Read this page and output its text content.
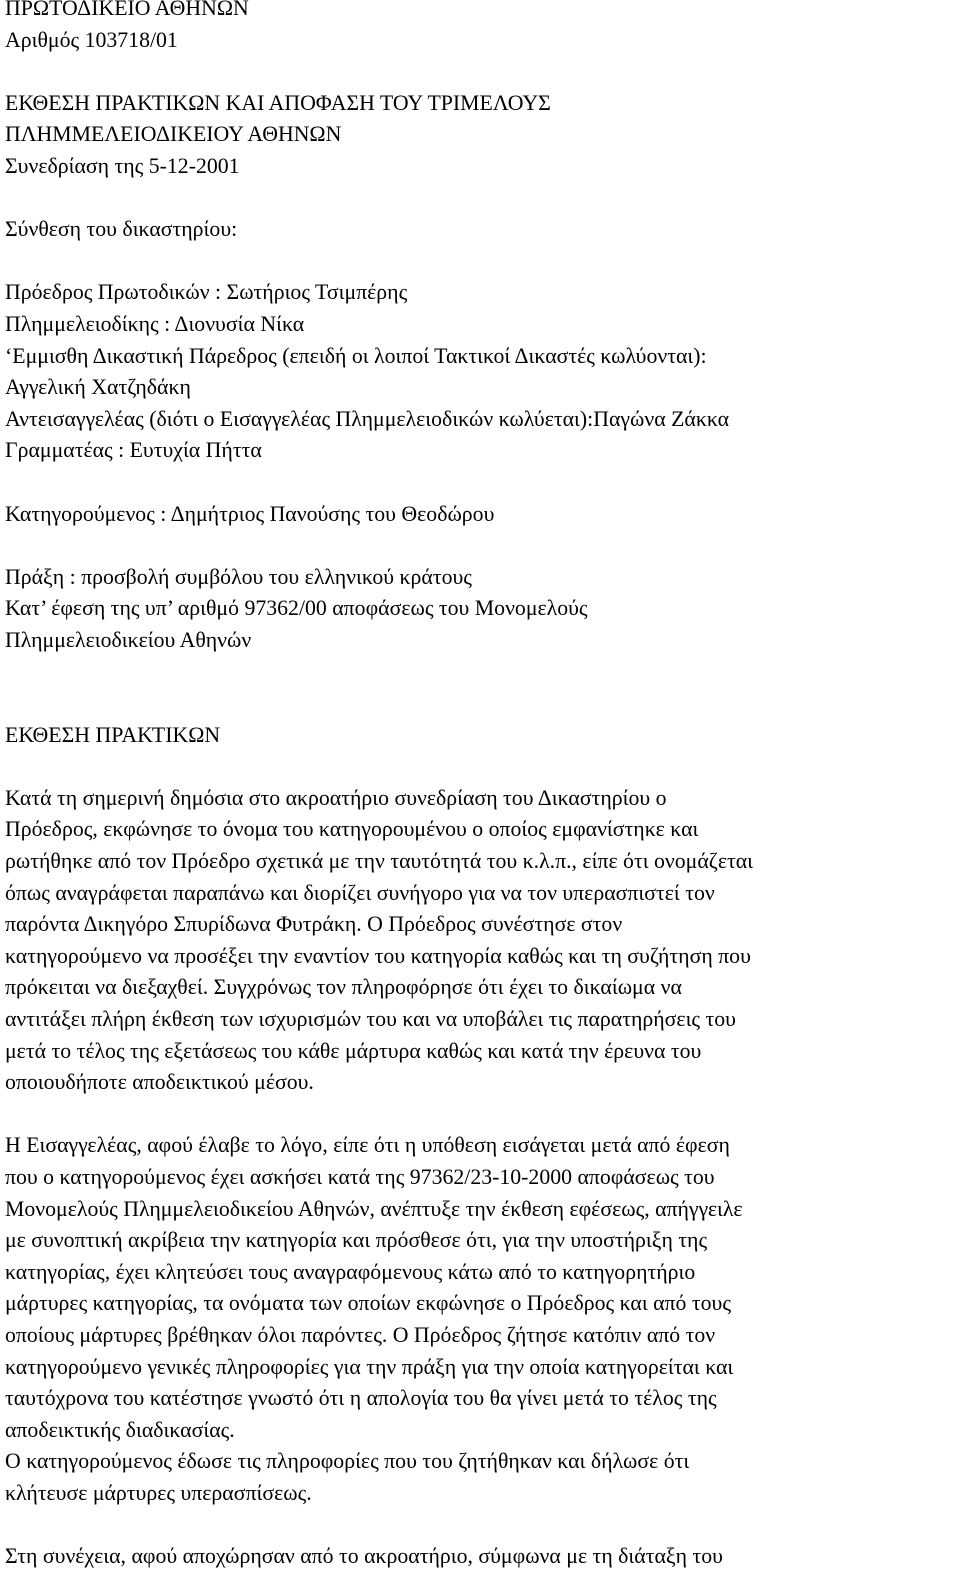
ΠΡΩΤΟΔΙΚΕΙΟ ΑΘΗΝΩΝ
Αριθμός 103718/01
ΕΚΘΕΣΗ ΠΡΑΚΤΙΚΩΝ ΚΑΙ ΑΠΟΦΑΣΗ ΤΟΥ ΤΡΙΜΕΛΟΥΣ
ΠΛΗΜΜΕΛΕΙΟΔΙΚΕΙΟΥ ΑΘΗΝΩΝ
Συνεδρίαση της 5-12-2001
Σύνθεση του δικαστηρίου:
Πρόεδρος Πρωτοδικών : Σωτήριος Τσιμπέρης
Πλημμελειοδίκης : Διονυσία Νίκα
‘Εμμισθη Δικαστική Πάρεδρος (επειδή οι λοιποί Τακτικοί Δικαστές κωλύονται):
Αγγελική Χατζηδάκη
Αντεισαγγελέας (διότι ο Εισαγγελέας Πλημμελειοδικών κωλύεται):Παγώνα Ζάκκα
Γραμματέας : Ευτυχία Πήττα
Κατηγορούμενος : Δημήτριος Πανούσης του Θεοδώρου
Πράξη : προσβολή συμβόλου του ελληνικού κράτους
Κατ’ έφεση της υπ’ αριθμό 97362/00 αποφάσεως του Μονομελούς
Πλημμελειοδικείου Αθηνών
ΕΚΘΕΣΗ ΠΡΑΚΤΙΚΩΝ
Κατά τη σημερινή δημόσια στο ακροατήριο συνεδρίαση του Δικαστηρίου ο
Πρόεδρος, εκφώνησε το όνομα του κατηγορουμένου ο οποίος εμφανίστηκε και
ρωτήθηκε από τον Πρόεδρο σχετικά με την ταυτότητά του κ.λ.π., είπε ότι ονομάζεται
όπως αναγράφεται παραπάνω και διορίζει συνήγορο για να τον υπερασπιστεί τον
παρόντα Δικηγόρο Σπυρίδωνα Φυτράκη. Ο Πρόεδρος συνέστησε στον
κατηγορούμενο να προσέξει την εναντίον του κατηγορία καθώς και τη συζήτηση που
πρόκειται να διεξαχθεί. Συγχρόνως τον πληροφόρησε ότι έχει το δικαίωμα να
αντιτάξει πλήρη έκθεση των ισχυρισμών του και να υποβάλει τις παρατηρήσεις του
μετά το τέλος της εξετάσεως του κάθε μάρτυρα καθώς και κατά την έρευνα του
οποιουδήποτε αποδεικτικού μέσου.
Η Εισαγγελέας, αφού έλαβε το λόγο, είπε ότι η υπόθεση εισάγεται μετά από έφεση
που ο κατηγορούμενος έχει ασκήσει κατά της 97362/23-10-2000 αποφάσεως του
Μονομελούς Πλημμελειοδικείου Αθηνών, ανέπτυξε την έκθεση εφέσεως, απήγγειλε
με συνοπτική ακρίβεια την κατηγορία και πρόσθεσε ότι, για την υποστήριξη της
κατηγορίας, έχει κλητεύσει τους αναγραφόμενους κάτω από το κατηγορητήριο
μάρτυρες κατηγορίας, τα ονόματα των οποίων εκφώνησε ο Πρόεδρος και από τους
οποίους μάρτυρες βρέθηκαν όλοι παρόντες. Ο Πρόεδρος ζήτησε κατόπιν από τον
κατηγορούμενο γενικές πληροφορίες για την πράξη για την οποία κατηγορείται και
ταυτόχρονα του κατέστησε γνωστό ότι η απολογία του θα γίνει μετά το τέλος της
αποδεικτικής διαδικασίας.
Ο κατηγορούμενος έδωσε τις πληροφορίες που του ζητήθηκαν και δήλωσε ότι
κλήτευσε μάρτυρες υπερασπίσεως.
Στη συνέχεια, αφού αποχώρησαν από το ακροατήριο, σύμφωνα με τη διάταξη του
